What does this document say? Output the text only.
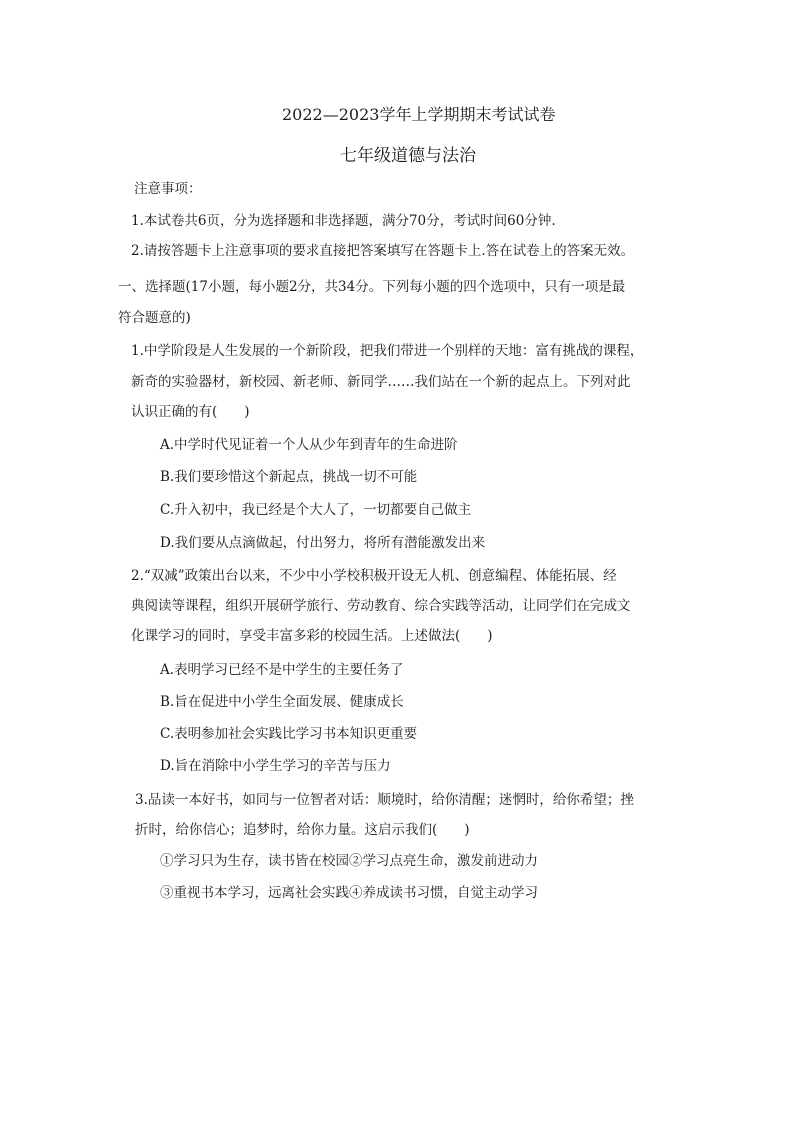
2022—2023学年上学期期末考试试卷
七年级道德与法治
注意事项：
1.本试卷共6页，分为选择题和非选择题，满分70分，考试时间60分钟.
2.请按答题卡上注意事项的要求直接把答案填写在答题卡上.答在试卷上的答案无效。
一、选择题(17小题，每小题2分，共34分。下列每小题的四个选项中，只有一项是最
符合题意的)
1.中学阶段是人生发展的一个新阶段，把我们带进一个别样的天地：富有挑战的课程，
新奇的实验器材，新校园、新老师、新同学……我们站在一个新的起点上。下列对此
认识正确的有(　　)
A.中学时代见证着一个人从少年到青年的生命进阶
B.我们要珍惜这个新起点，挑战一切不可能
C.升入初中，我已经是个大人了，一切都要自己做主
D.我们要从点滴做起，付出努力，将所有潜能激发出来
2.“双减”政策出台以来，不少中小学校积极开设无人机、创意编程、体能拓展、经
典阅读等课程，组织开展研学旅行、劳动教育、综合实践等活动，让同学们在完成文
化课学习的同时，享受丰富多彩的校园生活。上述做法(　　)
A.表明学习已经不是中学生的主要任务了
B.旨在促进中小学生全面发展、健康成长
C.表明参加社会实践比学习书本知识更重要
D.旨在消除中小学生学习的辛苦与压力
3.品读一本好书，如同与一位智者对话：顺境时，给你清醒；迷惘时，给你希望；挫
折时，给你信心；追梦时，给你力量。这启示我们(　　)
①学习只为生存，读书皆在校园②学习点亮生命，激发前进动力
③重视书本学习，远离社会实践④养成读书习惯，自觉主动学习
